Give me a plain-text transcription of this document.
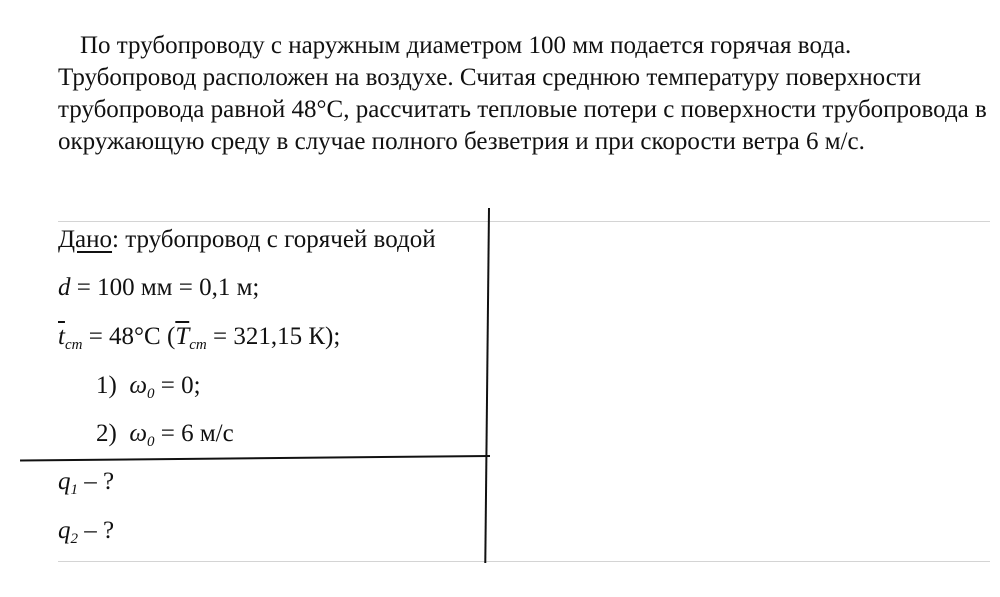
По трубопроводу с наружным диаметром 100 мм подается горячая вода. Трубопровод расположен на воздухе. Считая среднюю температуру поверхности трубопровода равной 48°С, рассчитать тепловые потери с поверхности трубопровода в окружающую среду в случае полного безветрия и при скорости ветра 6 м/с.

Дано: трубопровод с горячей водой
d = 100 мм = 0,1 м;
$\overline{t}_{cm} = 48^\circ С$ ($\overline{T}_{cm} = 321,15$ К);
1) $\omega_0 = 0$;
2) $\omega_0 = 6$ м/с
$q_1$ – ?
$q_2$ – ?
